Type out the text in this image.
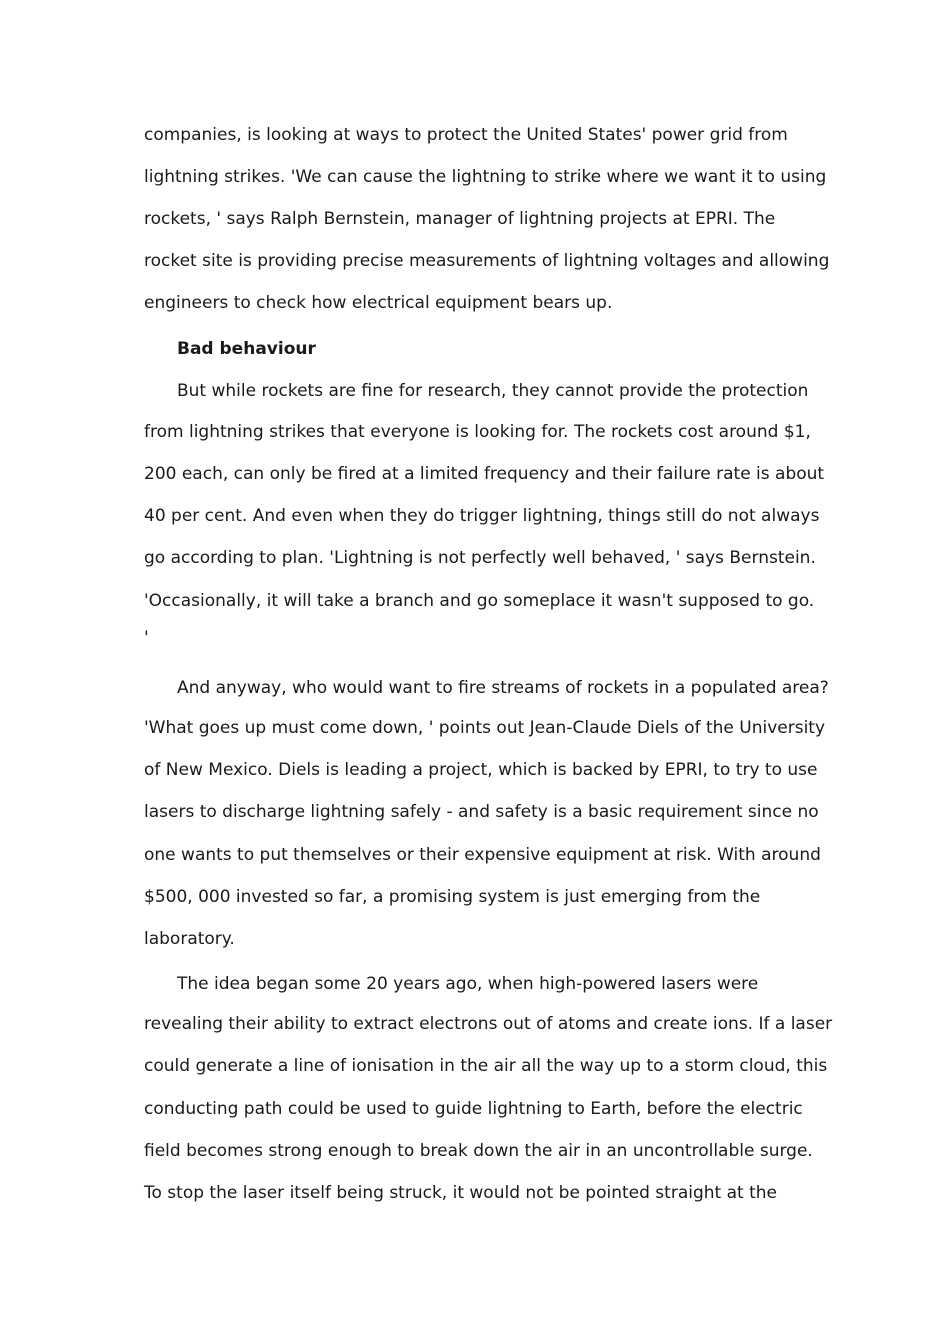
companies, is looking at ways to protect the United States' power grid from
lightning strikes. 'We can cause the lightning to strike where we want it to using
rockets, ' says Ralph Bernstein, manager of lightning projects at EPRI. The
rocket site is providing precise measurements of lightning voltages and allowing
engineers to check how electrical equipment bears up.
Bad behaviour
But while rockets are fine for research, they cannot provide the protection
from lightning strikes that everyone is looking for. The rockets cost around $1,
200 each, can only be fired at a limited frequency and their failure rate is about
40 per cent. And even when they do trigger lightning, things still do not always
go according to plan. 'Lightning is not perfectly well behaved, ' says Bernstein.
'Occasionally, it will take a branch and go someplace it wasn't supposed to go.
'
And anyway, who would want to fire streams of rockets in a populated area?
'What goes up must come down, ' points out Jean-Claude Diels of the University
of New Mexico. Diels is leading a project, which is backed by EPRI, to try to use
lasers to discharge lightning safely - and safety is a basic requirement since no
one wants to put themselves or their expensive equipment at risk. With around
$500, 000 invested so far, a promising system is just emerging from the
laboratory.
The idea began some 20 years ago, when high-powered lasers were
revealing their ability to extract electrons out of atoms and create ions. If a laser
could generate a line of ionisation in the air all the way up to a storm cloud, this
conducting path could be used to guide lightning to Earth, before the electric
field becomes strong enough to break down the air in an uncontrollable surge.
To stop the laser itself being struck, it would not be pointed straight at the
